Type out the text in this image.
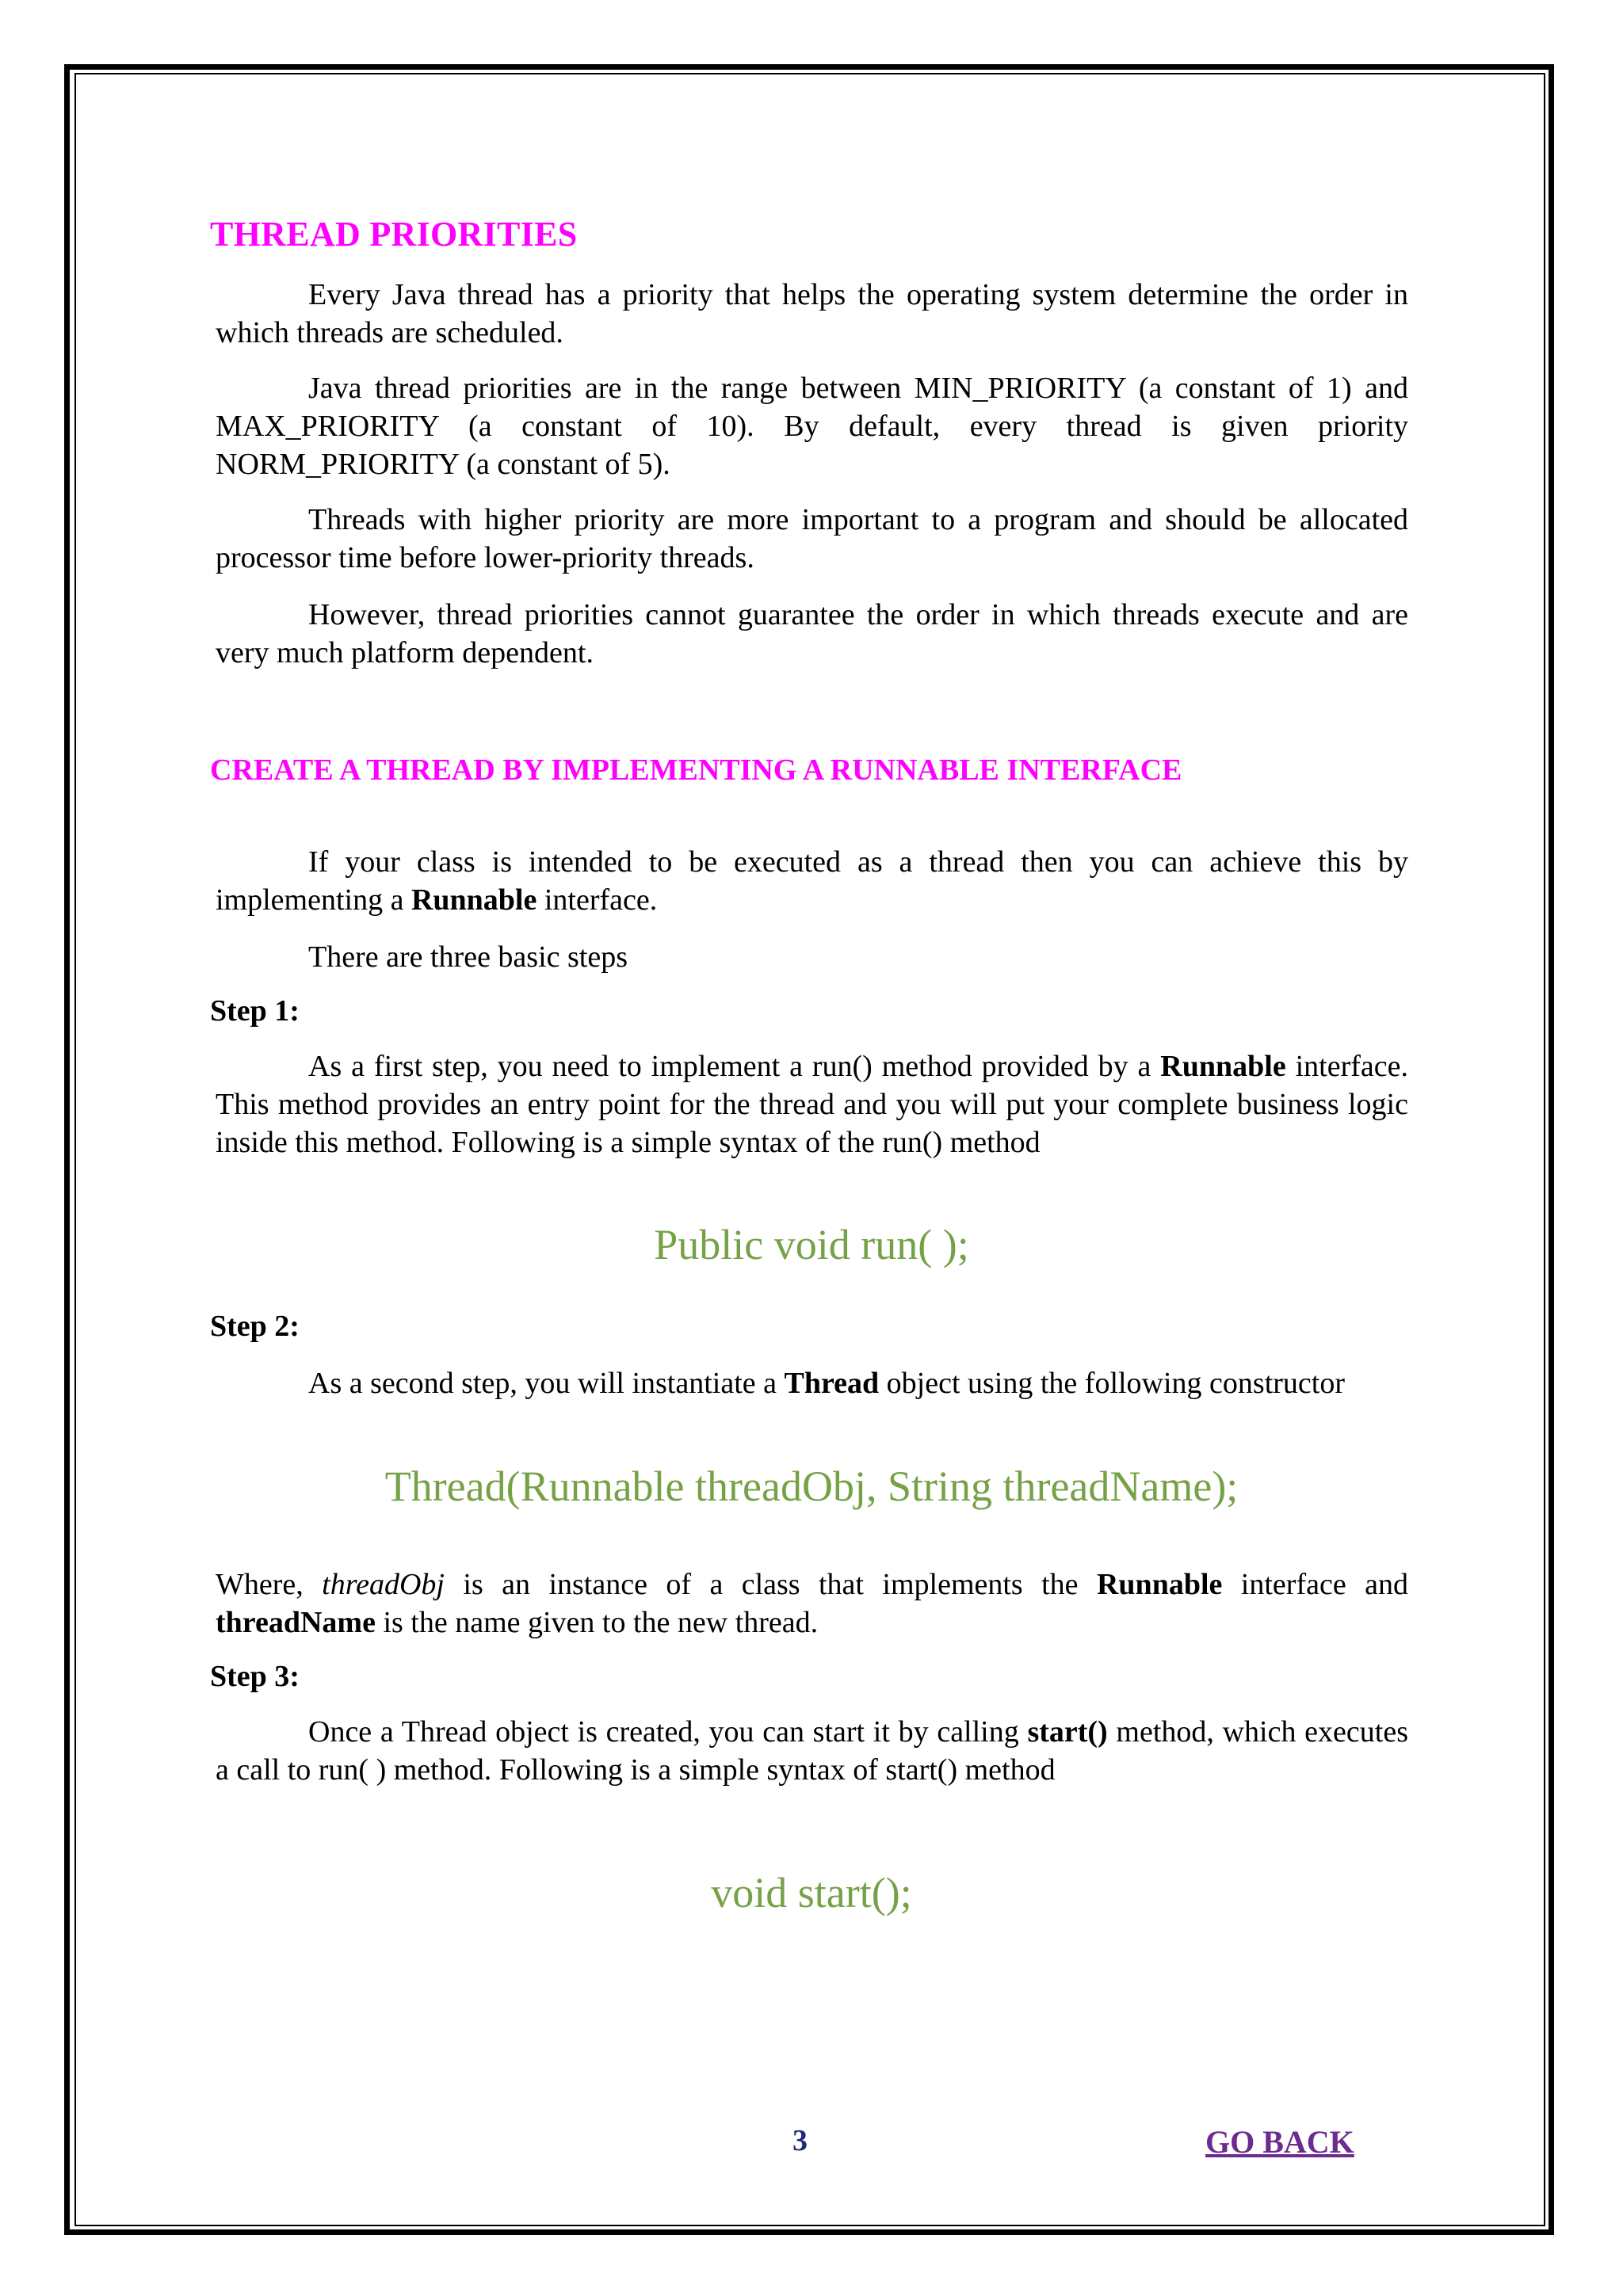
THREAD PRIORITIES

Every Java thread has a priority that helps the operating system determine the order in which threads are scheduled.

Java thread priorities are in the range between MIN_PRIORITY (a constant of 1) and MAX_PRIORITY (a constant of 10). By default, every thread is given priority NORM_PRIORITY (a constant of 5).

Threads with higher priority are more important to a program and should be allocated processor time before lower-priority threads.

However, thread priorities cannot guarantee the order in which threads execute and are very much platform dependent.

CREATE A THREAD BY IMPLEMENTING A RUNNABLE INTERFACE

If your class is intended to be executed as a thread then you can achieve this by implementing a Runnable interface.

There are three basic steps

Step 1:

As a first step, you need to implement a run() method provided by a Runnable interface. This method provides an entry point for the thread and you will put your complete business logic inside this method. Following is a simple syntax of the run() method

Public void run( );
Step 2:

As a second step, you will instantiate a Thread object using the following constructor

Thread(Runnable threadObj, String threadName);

Where, threadObj is an instance of a class that implements the Runnable interface and threadName is the name given to the new thread.

Step 3:

Once a Thread object is created, you can start it by calling start() method, which executes a call to run( ) method. Following is a simple syntax of start() method

void start();
3	GO BACK
